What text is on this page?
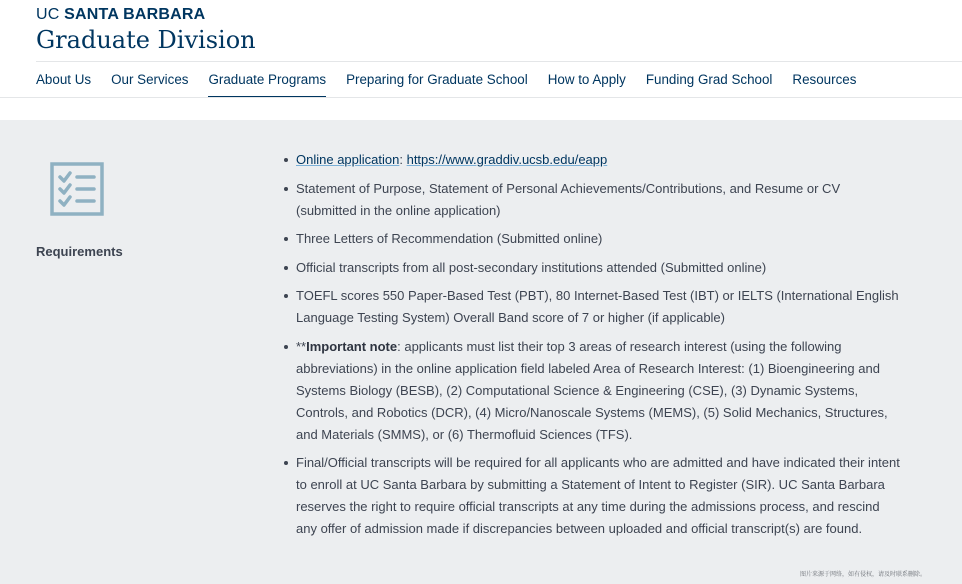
UC SANTA BARBARA
Graduate Division
About Us Our Services Graduate Programs Preparing for Graduate School How to Apply Funding Grad School Resources
Requirements
Online application: https://www.graddiv.ucsb.edu/eapp
Statement of Purpose, Statement of Personal Achievements/Contributions, and Resume or CV (submitted in the online application)
Three Letters of Recommendation (Submitted online)
Official transcripts from all post-secondary institutions attended (Submitted online)
TOEFL scores 550 Paper-Based Test (PBT), 80 Internet-Based Test (IBT) or IELTS (International English Language Testing System) Overall Band score of 7 or higher (if applicable)
**Important note: applicants must list their top 3 areas of research interest (using the following abbreviations) in the online application field labeled Area of Research Interest: (1) Bioengineering and Systems Biology (BESB), (2) Computational Science & Engineering (CSE), (3) Dynamic Systems, Controls, and Robotics (DCR), (4) Micro/Nanoscale Systems (MEMS), (5) Solid Mechanics, Structures, and Materials (SMMS), or (6) Thermofluid Sciences (TFS).
Final/Official transcripts will be required for all applicants who are admitted and have indicated their intent to enroll at UC Santa Barbara by submitting a Statement of Intent to Register (SIR). UC Santa Barbara reserves the right to require official transcripts at any time during the admissions process, and rescind any offer of admission made if discrepancies between uploaded and official transcript(s) are found.
图片来源于网络，如有侵权，请及时联系删除。
